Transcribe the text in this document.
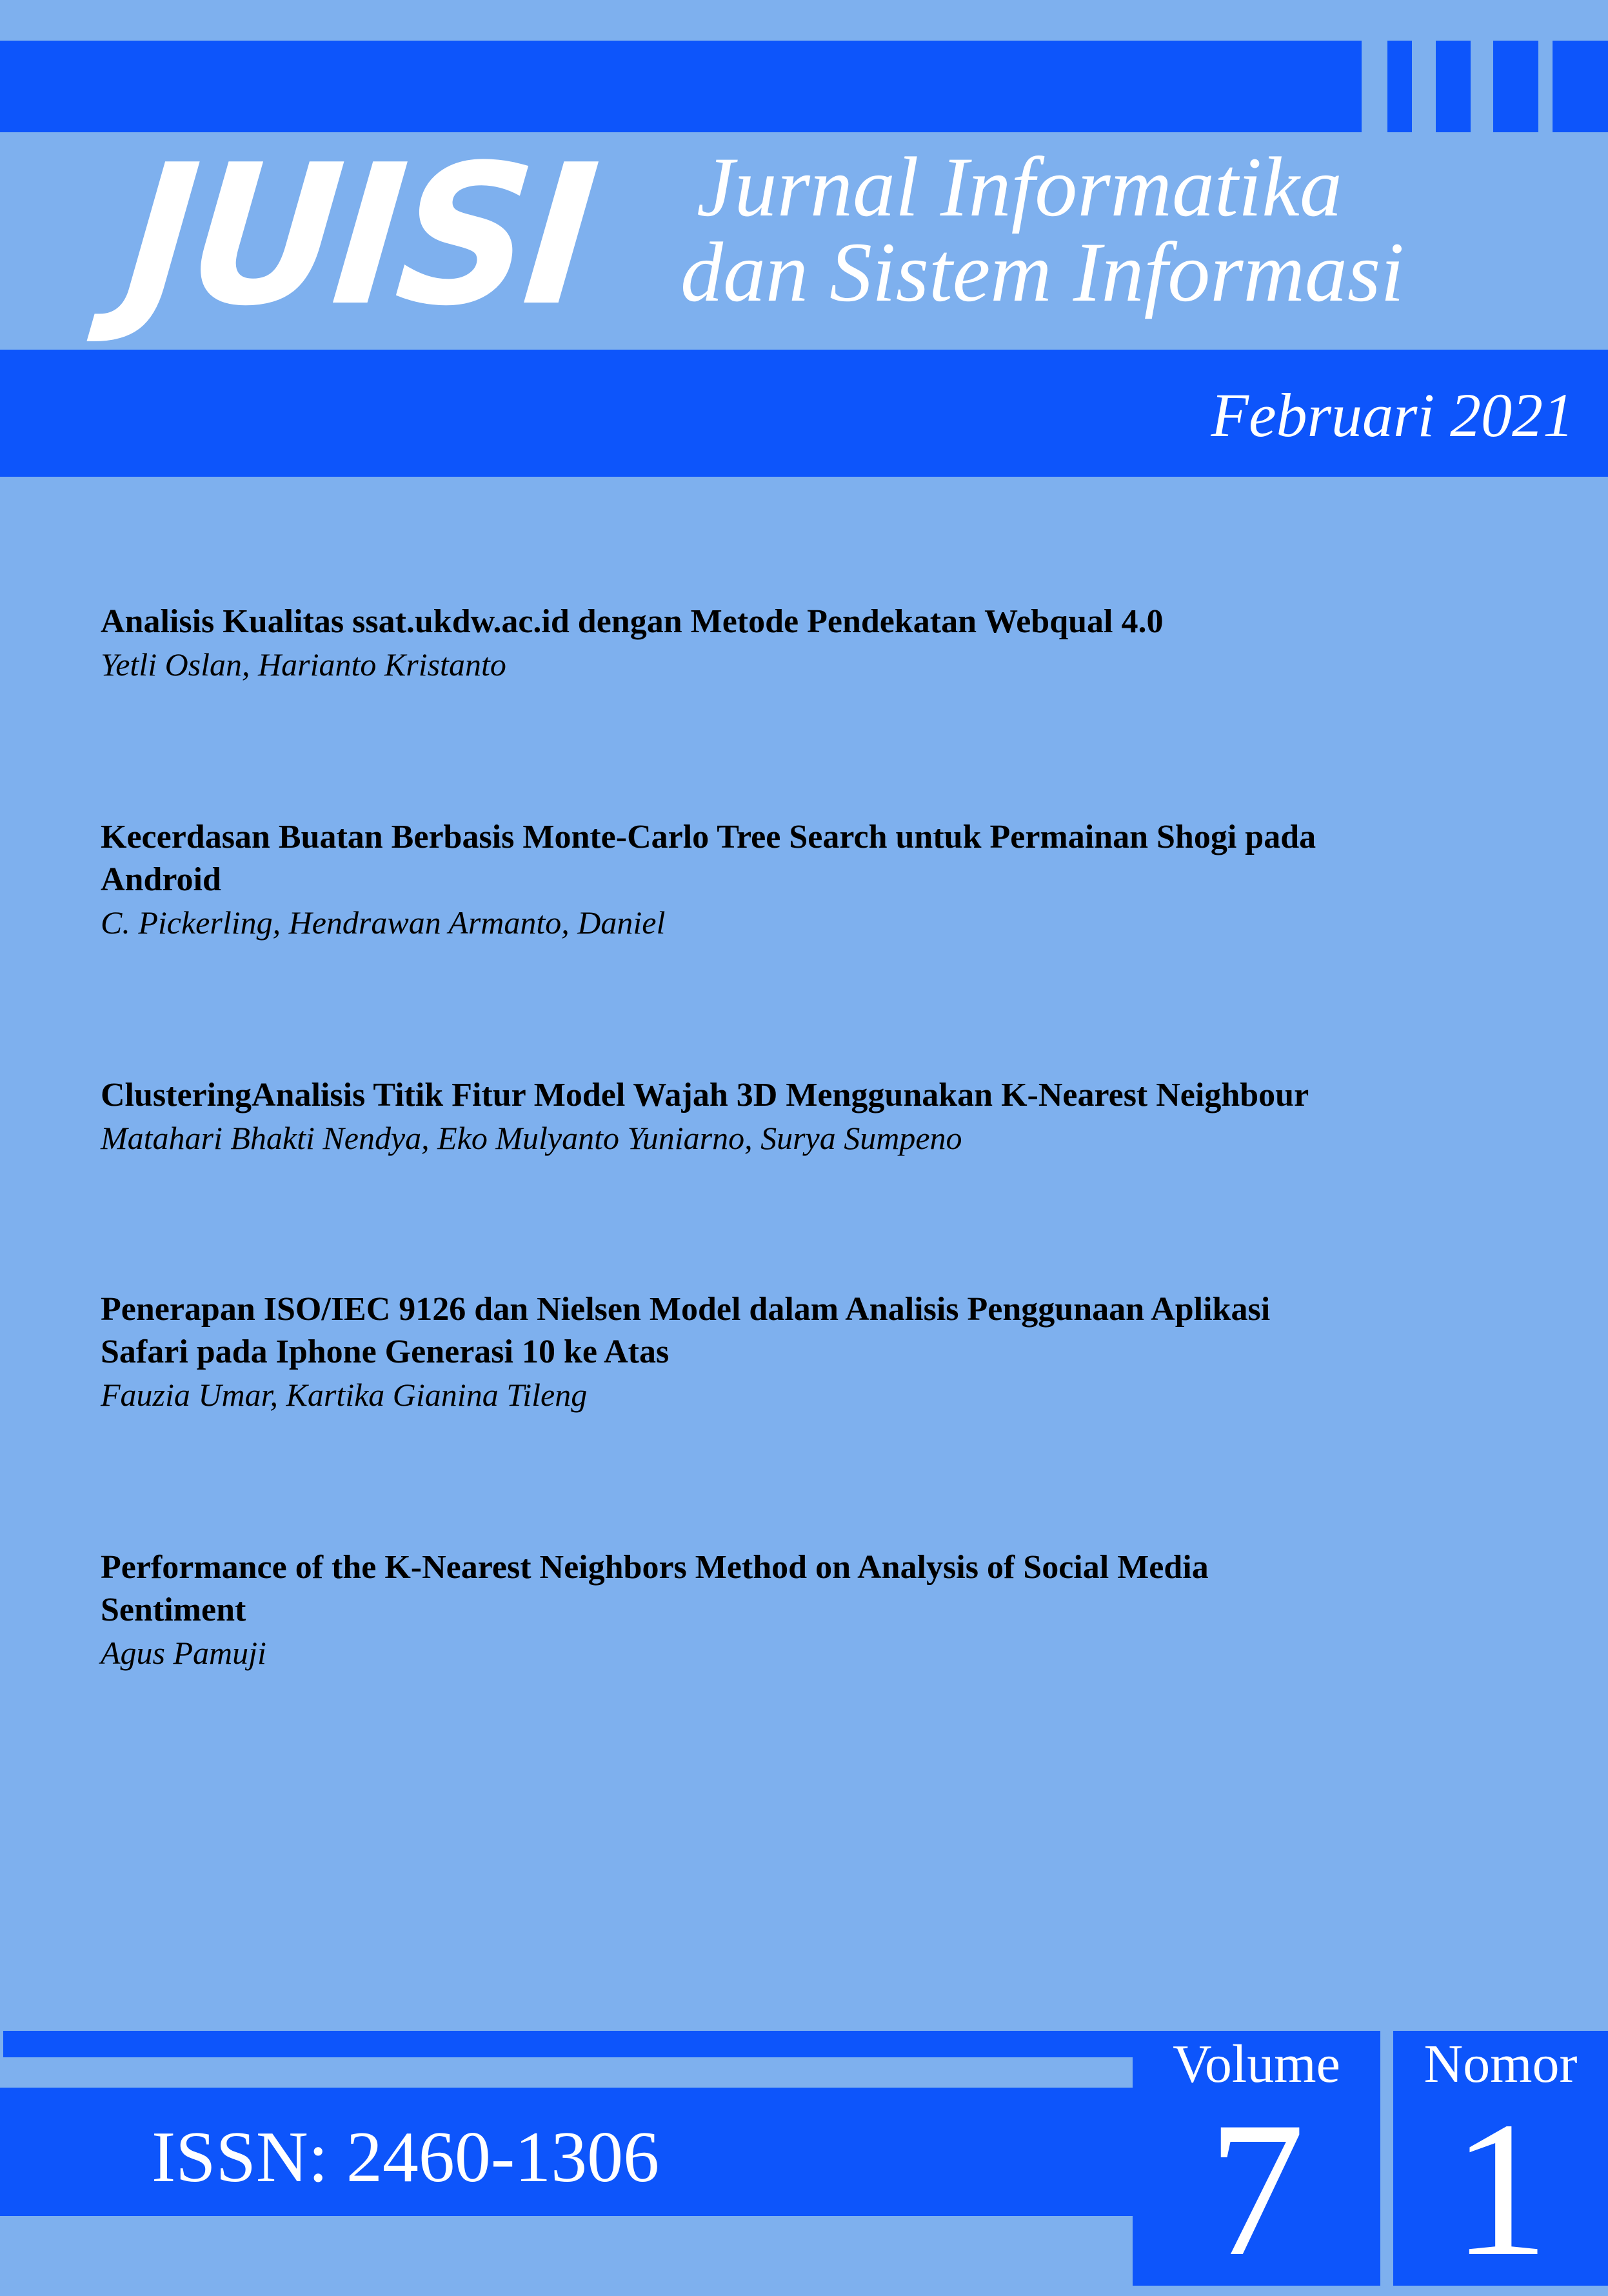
JUISI	Jurnal Informatika
dan Sistem Informasi
Februari 2021
Analisis Kualitas ssat.ukdw.ac.id dengan Metode Pendekatan Webqual 4.0
Yetli Oslan, Harianto Kristanto
Kecerdasan Buatan Berbasis Monte-Carlo Tree Search untuk Permainan Shogi pada
Android
C. Pickerling, Hendrawan Armanto, Daniel
ClusteringAnalisis Titik Fitur Model Wajah 3D Menggunakan K-Nearest Neighbour
Matahari Bhakti Nendya, Eko Mulyanto Yuniarno, Surya Sumpeno
Penerapan ISO/IEC 9126 dan Nielsen Model dalam Analisis Penggunaan Aplikasi
Safari pada Iphone Generasi 10 ke Atas
Fauzia Umar, Kartika Gianina Tileng
Performance of the K-Nearest Neighbors Method on Analysis of Social Media
Sentiment
Agus Pamuji
ISSN: 2460-1306
Volume
7
Nomor
1
